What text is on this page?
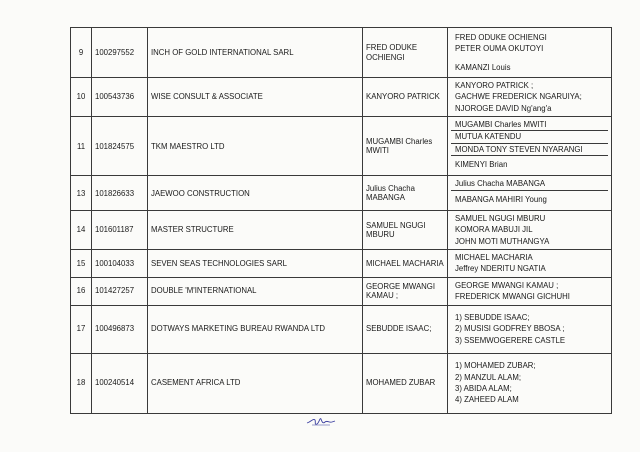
9	100297552	INCH OF GOLD INTERNATIONAL SARL	FRED ODUKE
OCHIENGI	FRED ODUKE OCHIENGI
PETER OUMA OKUTOYI
KAMANZI Louis

10	100543736	WISE CONSULT & ASSOCIATE	KANYORO PATRICK	KANYORO PATRICK ;
GACHWE FREDERICK NGARUIYA;
NJOROGE DAVID Ng'ang'a

11	101824575	TKM MAESTRO LTD	MUGAMBI Charles
MWITI	MUGAMBI Charles MWITI
MUTUA KATENDU
MONDA TONY STEVEN NYARANGI
KIMENYI Brian

13	101826633	JAEWOO CONSTRUCTION	Julius Chacha
MABANGA	Julius Chacha MABANGA
MABANGA MAHIRI Young

14	101601187	MASTER STRUCTURE	SAMUEL NGUGI
MBURU	SAMUEL NGUGI MBURU
KOMORA MABUJI JIL
JOHN MOTI MUTHANGYA

15	100104033	SEVEN SEAS TECHNOLOGIES SARL	MICHAEL MACHARIA	MICHAEL MACHARIA
Jeffrey NDERITU NGATIA

16	101427257	DOUBLE 'M'INTERNATIONAL	GEORGE MWANGI
KAMAU ;	GEORGE MWANGI KAMAU ;
FREDERICK MWANGI GICHUHI

17	100496873	DOTWAYS MARKETING BUREAU RWANDA LTD	SEBUDDE ISAAC;	1) SEBUDDE ISAAC;
2) MUSISI GODFREY BBOSA ;
3) SSEMWOGERERE CASTLE

18	100240514	CASEMENT AFRICA LTD	MOHAMED ZUBAR	1) MOHAMED ZUBAR;
2) MANZUL ALAM;
3) ABIDA ALAM;
4) ZAHEED ALAM
